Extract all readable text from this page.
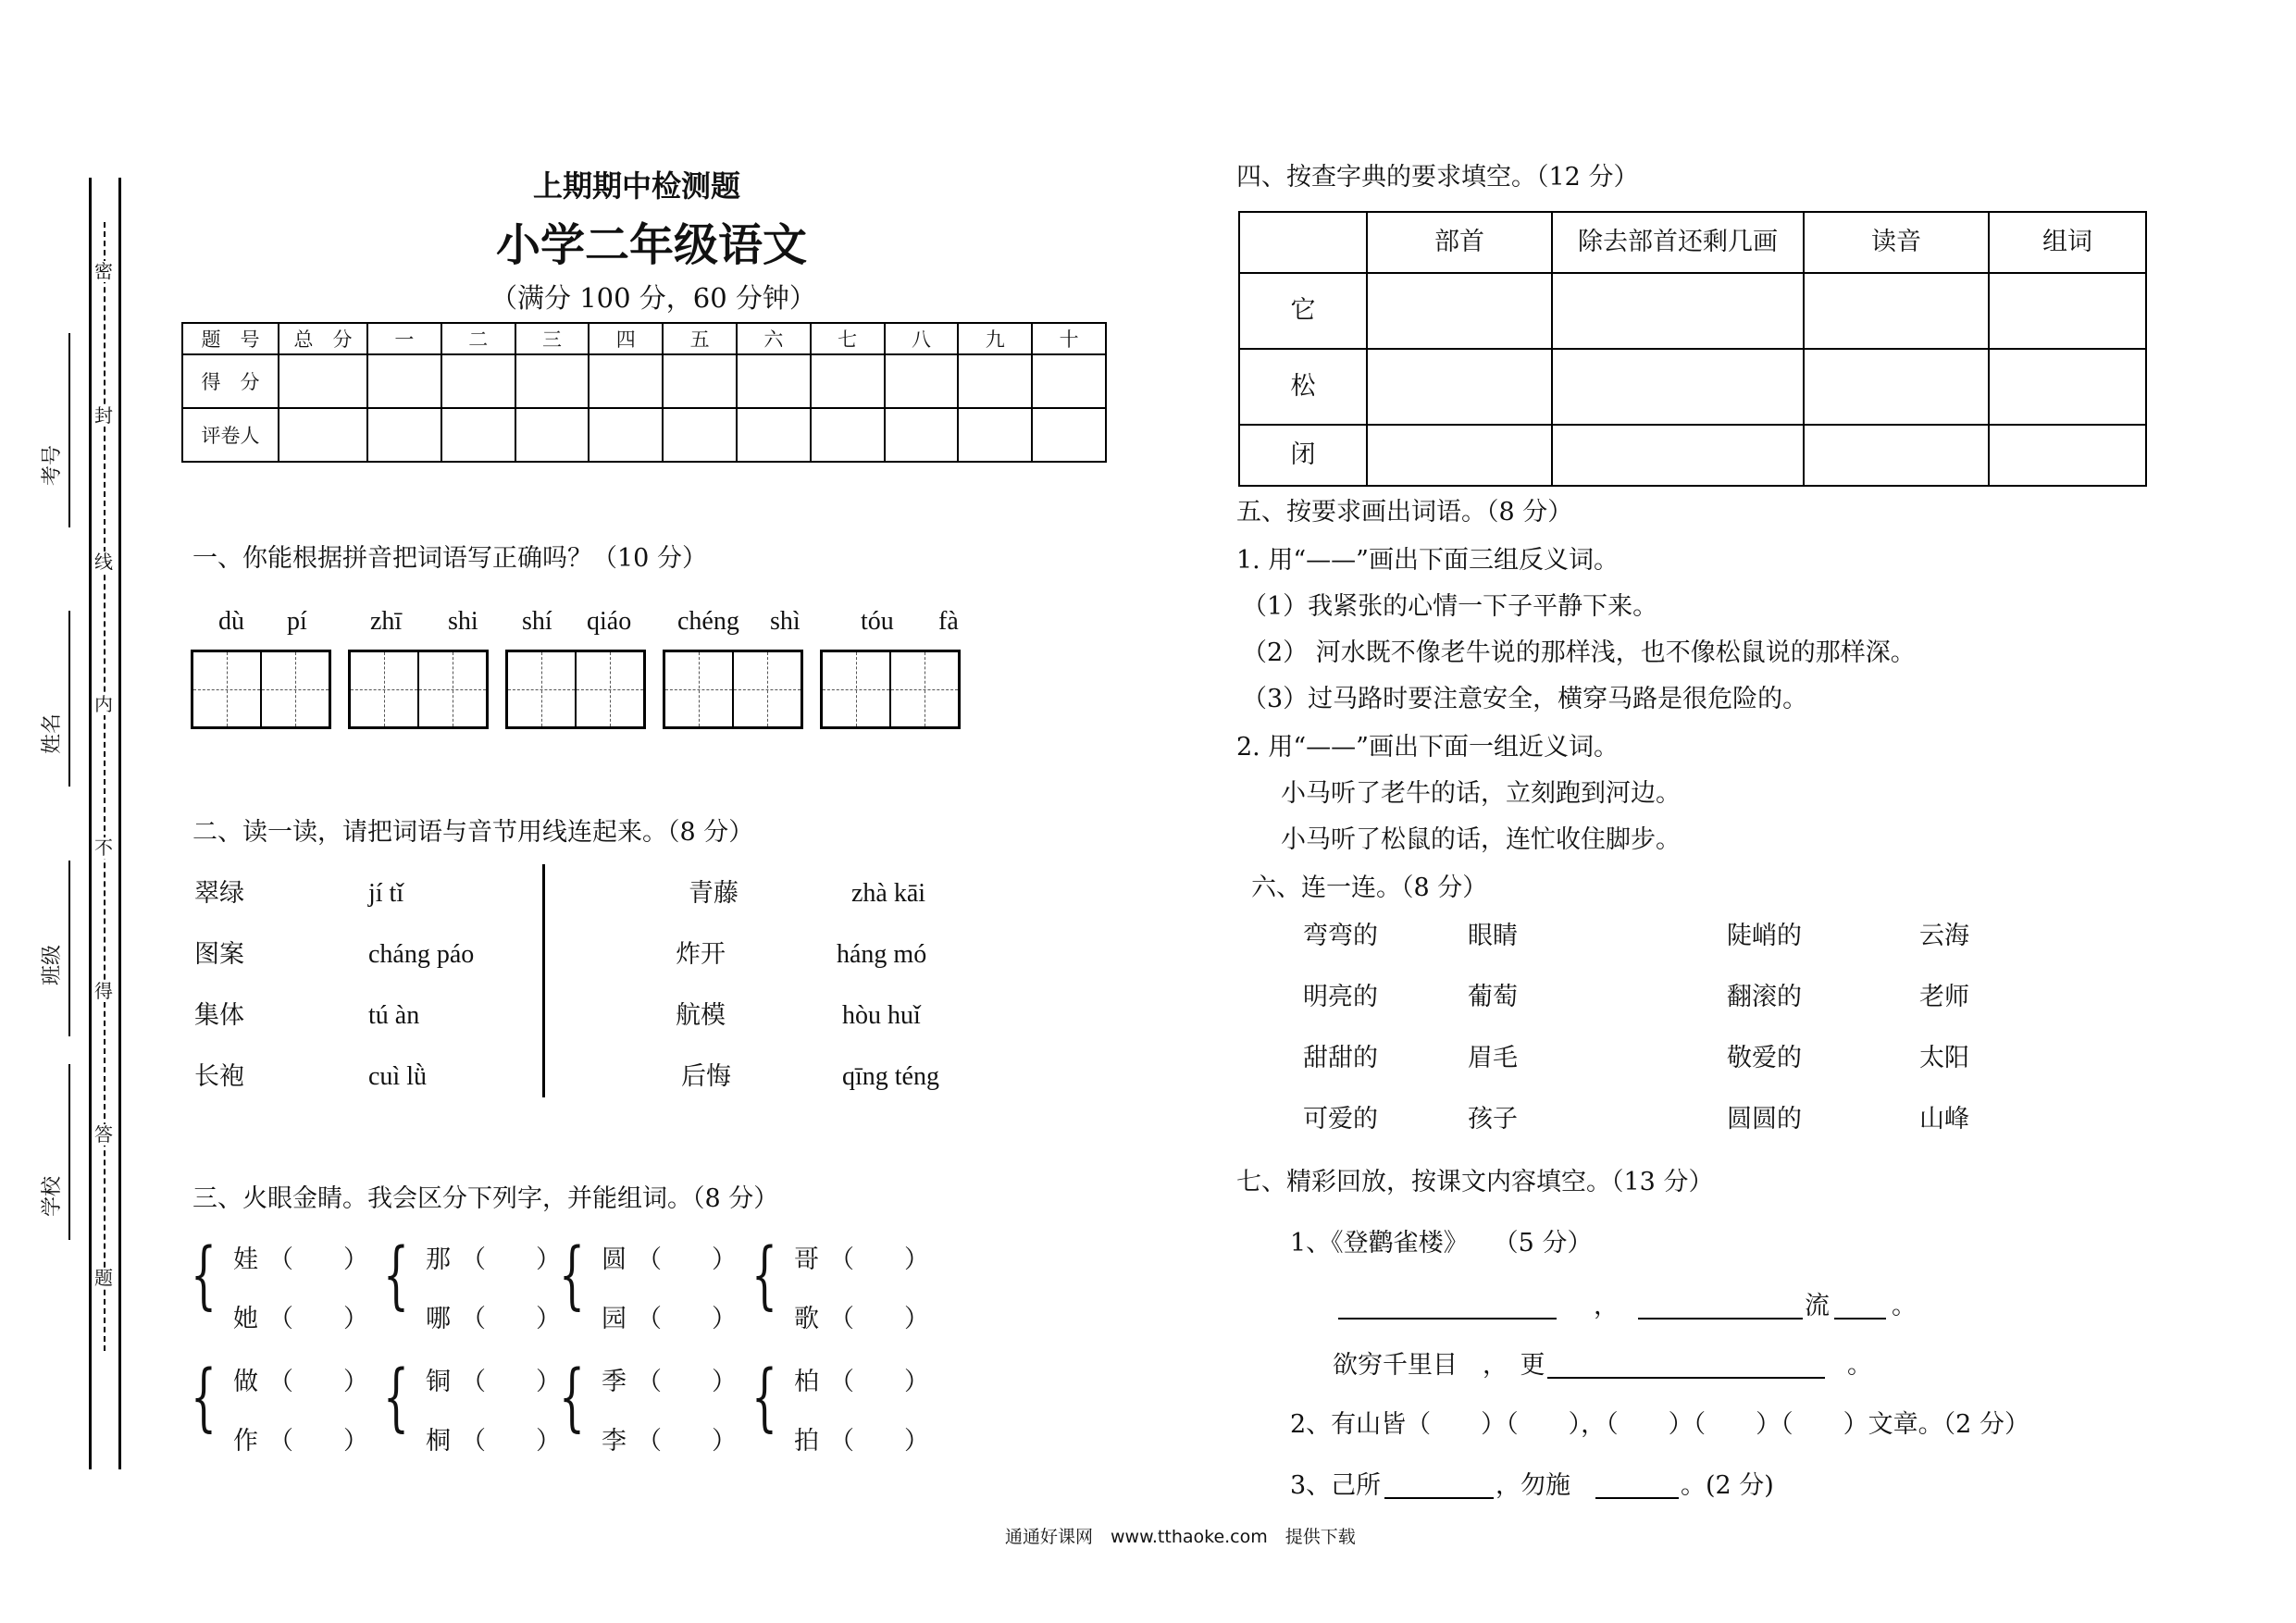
密
封
线
内
不
得
答
题
考号
姓名
班级
学校
上期期中检测题
小学二年级语文
（满分 100 分，60 分钟）
题　号	总　分	一	二	三	四	五	六	七	八	九	十
得　分											
评卷人											
一、你能根据拼音把词语写正确吗？（10 分）
dù pí zhī shi shí qiáo chéng shì tóu fà
二、读一读，请把词语与音节用线连起来。（8 分）
翠绿
图案
集体
长袍
jí tǐ
cháng páo
tú àn
cuì lǜ
青藤
炸开
航模
后悔
zhà kāi
háng mó
hòu huǐ
qīng téng
三、火眼金睛。我会区分下列字，并能组词。（8 分）
{ 娃 （　　）
她 （　　）
{ 那 （　　）
哪 （　　）
{ 圆 （　　）
园 （　　）
{ 哥 （　　）
歌 （　　）
{ 做 （　　）
作 （　　）
{ 铜 （　　）
桐 （　　）
{ 季 （　　）
李 （　　）
{ 柏 （　　）
拍 （　　）
四、按查字典的要求填空。（12 分）
	部首	除去部首还剩几画	读音	组词
它				
松				
闭				
五、按要求画出词语。（8 分）
1. 用“——”画出下面三组反义词。
（1）我紧张的心情一下子平静下来。
（2） 河水既不像老牛说的那样浅，也不像松鼠说的那样深。
（3）过马路时要注意安全，横穿马路是很危险的。
2. 用“——”画出下面一组近义词。
小马听了老牛的话，立刻跑到河边。
小马听了松鼠的话，连忙收住脚步。
六、连一连。（8 分）
弯弯的
明亮的
甜甜的
可爱的
眼睛
葡萄
眉毛
孩子
陡峭的
翻滚的
敬爱的
圆圆的
云海
老师
太阳
山峰
七、精彩回放，按课文内容填空。（13 分）
1、《登鹳雀楼》　　（5 分）
，	流 。
欲穷千里目　，　更	。
2、有山皆（　　）（　　），（　　）（　　）（　　）文章。（2 分）
3、己所	，勿施	。(2 分)
通通好课网　www.tthaoke.com　提供下载
